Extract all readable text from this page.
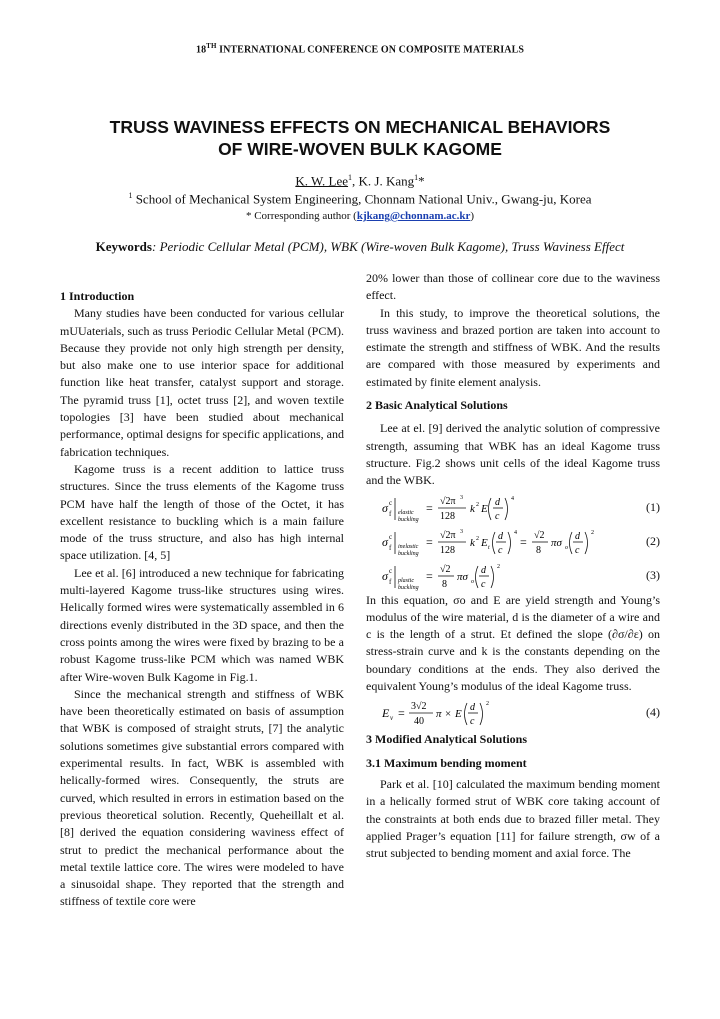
18TH INTERNATIONAL CONFERENCE ON COMPOSITE MATERIALS
TRUSS WAVINESS EFFECTS ON MECHANICAL BEHAVIORS
OF WIRE-WOVEN BULK KAGOME
K. W. Lee$^1$, K. J. Kang$^1$*
$^1$ School of Mechanical System Engineering, Chonnam National Univ., Gwang-ju, Korea
* Corresponding author (kjkang@chonnam.ac.kr)
Keywords: Periodic Cellular Metal (PCM), WBK (Wire-woven Bulk Kagome), Truss Waviness Effect
1 Introduction

Many studies have been conducted for various cellular mUUaterials, such as truss Periodic Cellular Metal (PCM). Because they provide not only high strength per density, but also make one to use interior space for additional function like heat transfer, catalyst support and storage. The pyramid truss [1], octet truss [2], and woven textile topologies [3] have been studied about mechanical performance, optimal designs for specific applications, and fabrication techniques.

Kagome truss is a recent addition to lattice truss structures. Since the truss elements of the Kagome truss PCM have half the length of those of the Octet, it has excellent resistance to buckling which is a main failure mode of the truss structure, and also has high internal space utilization. [4, 5]

Lee et al. [6] introduced a new technique for fabricating multi-layered Kagome truss-like structures using wires. Helically formed wires were systematically assembled in 6 directions evenly distributed in the 3D space, and then the cross points among the wires were fixed by brazing to be a robust Kagome truss-like PCM which was named WBK after Wire-woven Bulk Kagome in Fig.1.

Since the mechanical strength and stiffness of WBK have been theoretically estimated on basis of assumption that WBK is composed of straight struts, [7] the analytic solutions sometimes give substantial errors compared with experimental results. In fact, WBK is assembled with helically-formed wires. Consequently, the struts are curved, which resulted in errors in estimation based on the previous theoretical solution. Recently, Queheillalt et al. [8] derived the equation considering waviness effect of strut to predict the mechanical performance about the metal textile lattice core. The wires were modeled to have a sinusoidal shape. They reported that the strength and stiffness of textile core were

20% lower than those of collinear core due to the waviness effect.

In this study, to improve the theoretical solutions, the truss waviness and brazed portion are taken into account to estimate the strength and stiffness of WBK. And the results are compared with those measured by experiments and estimated by finite element analysis.

2 Basic Analytical Solutions

Lee at el. [9] derived the analytic solution of compressive strength, assuming that WBK has an ideal Kagome truss structure. Fig.2 shows unit cells of the ideal Kagome truss and the WBK.

σ c
f elastic
buckling
= √2π 3
128
k 2 E
d
c
4
(1)
σ c
f inelastic
buckling
= √2π 3
128
k 2 E t
d
c
4
= √2
8
πσ o
d
c
2
(2)
σ c
f plastic
buckling
= √2
8
πσ o
d
c
2
(3)

In this equation, σo and E are yield strength and Young’s modulus of the wire material, d is the diameter of a wire and c is the length of a strut. Et defined the slope (∂σ/∂ε) on stress-strain curve and k is the constants depending on the boundary conditions at the ends. They also derived the equivalent Young’s modulus of the ideal Kagome truss.

E v = 3√2
40
π × E
d
c
2
(4)
3 Modified Analytical Solutions
3.1 Maximum bending moment

Park et al. [10] calculated the maximum bending moment in a helically formed strut of WBK core taking account of the constraints at both ends due to brazed filler metal. They applied Prager’s equation [11] for failure strength, σw of a strut subjected to bending moment and axial force. The
